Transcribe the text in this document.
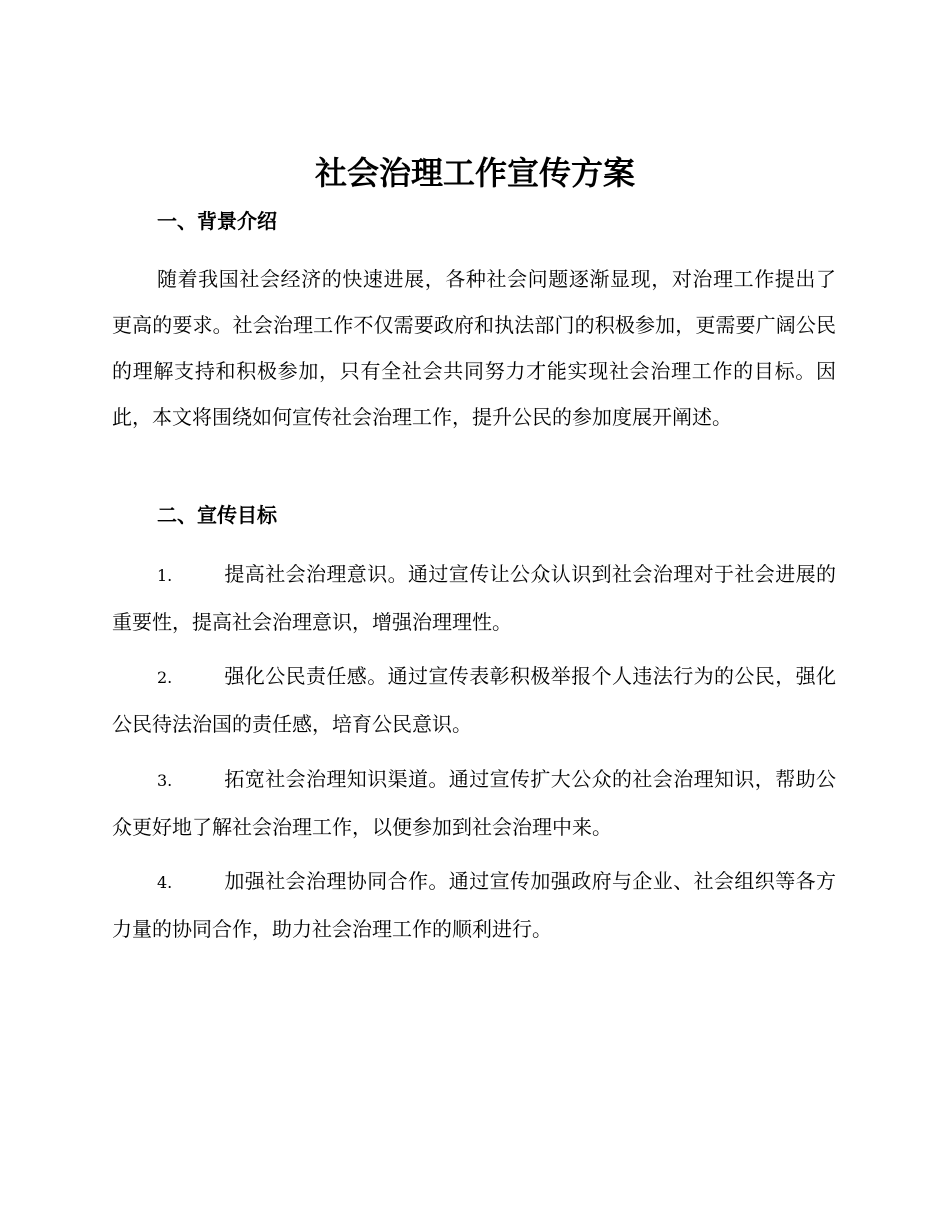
社会治理工作宣传方案
一、背景介绍

随着我国社会经济的快速进展，各种社会问题逐渐显现，对治理工作提出了更高的要求。社会治理工作不仅需要政府和执法部门的积极参加，更需要广阔公民的理解支持和积极参加，只有全社会共同努力才能实现社会治理工作的目标。因此，本文将围绕如何宣传社会治理工作，提升公民的参加度展开阐述。

二、宣传目标

1.	提高社会治理意识。通过宣传让公众认识到社会治理对于社会进展的重要性，提高社会治理意识，增强治理理性。

2.	强化公民责任感。通过宣传表彰积极举报个人违法行为的公民，强化公民待法治国的责任感，培育公民意识。

3.	拓宽社会治理知识渠道。通过宣传扩大公众的社会治理知识，帮助公众更好地了解社会治理工作，以便参加到社会治理中来。

4.	加强社会治理协同合作。通过宣传加强政府与企业、社会组织等各方力量的协同合作，助力社会治理工作的顺利进行。
